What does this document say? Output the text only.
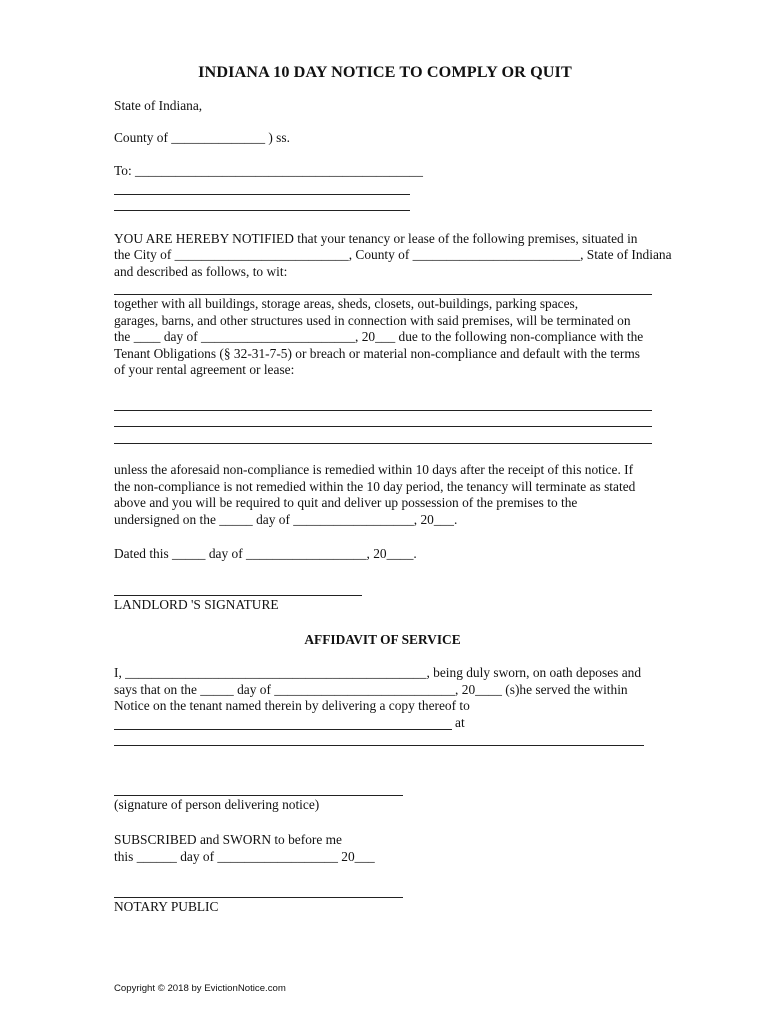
INDIANA 10 DAY NOTICE TO COMPLY OR QUIT
State of Indiana,
County of ______________ ) ss.
To: ___________________________________________
YOU ARE HEREBY NOTIFIED that your tenancy or lease of the following premises, situated in
the City of __________________________, County of _________________________, State of Indiana
and described as follows, to wit:
together with all buildings, storage areas, sheds, closets, out-buildings, parking spaces,
garages, barns, and other structures used in connection with said premises, will be terminated on
the ____ day of _______________________, 20___ due to the following non-compliance with the
Tenant Obligations (§ 32-31-7-5) or breach or material non-compliance and default with the terms
of your rental agreement or lease:
unless the aforesaid non-compliance is remedied within 10 days after the receipt of this notice. If
the non-compliance is not remedied within the 10 day period, the tenancy will terminate as stated
above and you will be required to quit and deliver up possession of the premises to the
undersigned on the _____ day of __________________, 20___.
Dated this _____ day of __________________, 20____.
LANDLORD 'S SIGNATURE
AFFIDAVIT OF SERVICE
I, _____________________________________________, being duly sworn, on oath deposes and
says that on the _____ day of ___________________________, 20____ (s)he served the within
Notice on the tenant named therein by delivering a copy thereof to
at
(signature of person delivering notice)
SUBSCRIBED and SWORN to before me
this ______ day of __________________ 20___
NOTARY PUBLIC
Copyright © 2018 by EvictionNotice.com
